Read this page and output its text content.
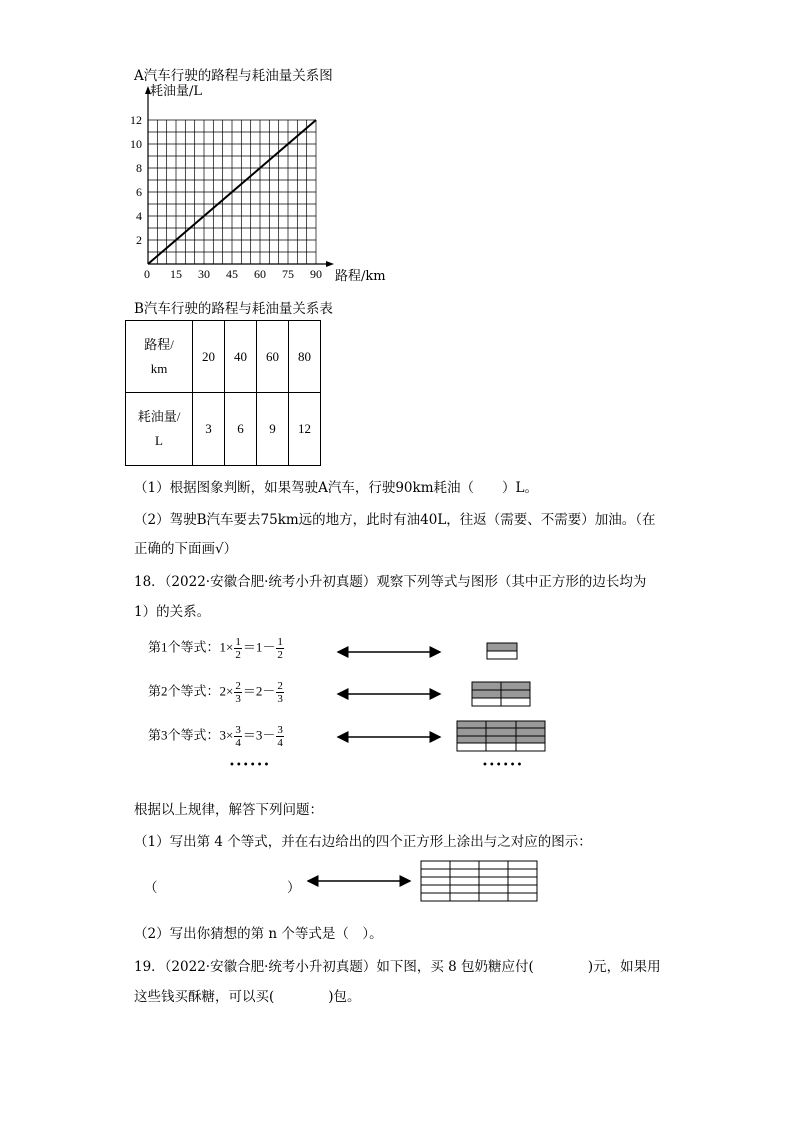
A汽车行驶的路程与耗油量关系图
耗油量/L
路程/km
0 15 30 45 60 75 90
2
4
6
8
10
12
B汽车行驶的路程与耗油量关系表
路程/
km	20	40	60	80
耗油量/
L	3	6	9	12
（1）根据图象判断，如果驾驶A汽车，行驶90km耗油（ ）L。
（2）驾驶B汽车要去75km远的地方，此时有油40L，往返（需要、不需要）加油。（在
正确的下面画√）
18．（2022·安徽合肥·统考小升初真题）观察下列等式与图形（其中正方形的边长均为
1）的关系。
第1个等式：$1\times \frac{1}{2} =1- \frac{1}{2}$
第2个等式：$2\times \frac{2}{3} =2- \frac{2}{3}$
第3个等式：$3\times \frac{3}{4} =3- \frac{3}{4}$
••••••	••••••
根据以上规律，解答下列问题：
（1）写出第 4 个等式，并在右边给出的四个正方形上涂出与之对应的图示：
（	）
（2）写出你猜想的第 n 个等式是（　）。
19．（2022·安徽合肥·统考小升初真题）如下图，买 8 包奶糖应付(	)元，如果用
这些钱买酥糖，可以买(	)包。
